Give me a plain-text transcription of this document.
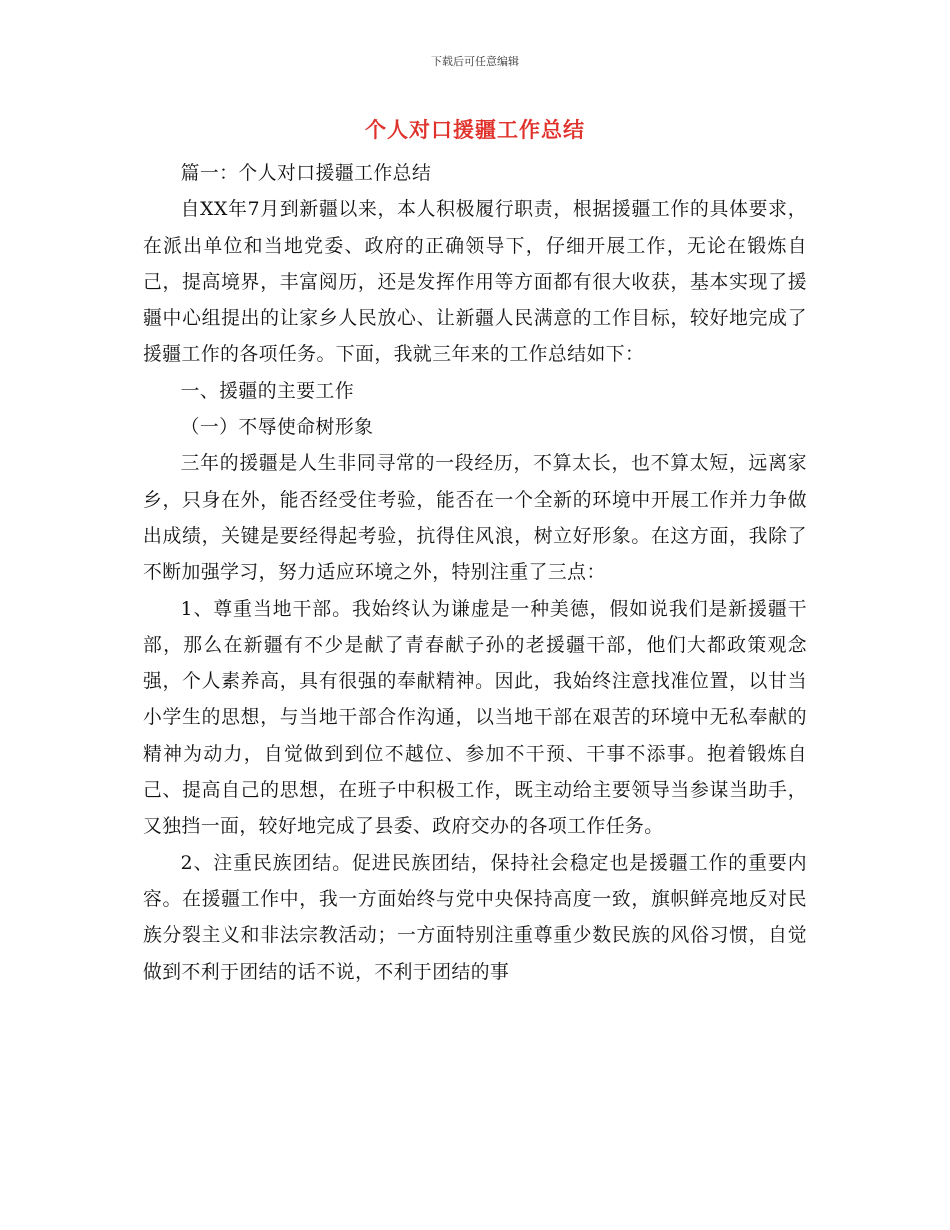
下载后可任意编辑
个人对口援疆工作总结

篇一：个人对口援疆工作总结

自XX年7月到新疆以来，本人积极履行职责，根据援疆工作的具体要求，在派出单位和当地党委、政府的正确领导下，仔细开展工作，无论在锻炼自己，提高境界，丰富阅历，还是发挥作用等方面都有很大收获，基本实现了援疆中心组提出的让家乡人民放心、让新疆人民满意的工作目标，较好地完成了援疆工作的各项任务。下面，我就三年来的工作总结如下：

一、援疆的主要工作

（一）不辱使命树形象

三年的援疆是人生非同寻常的一段经历，不算太长，也不算太短，远离家乡，只身在外，能否经受住考验，能否在一个全新的环境中开展工作并力争做出成绩，关键是要经得起考验，抗得住风浪，树立好形象。在这方面，我除了不断加强学习，努力适应环境之外，特别注重了三点：

1、尊重当地干部。我始终认为谦虚是一种美德，假如说我们是新援疆干部，那么在新疆有不少是献了青春献子孙的老援疆干部，他们大都政策观念强，个人素养高，具有很强的奉献精神。因此，我始终注意找准位置，以甘当小学生的思想，与当地干部合作沟通，以当地干部在艰苦的环境中无私奉献的精神为动力，自觉做到到位不越位、参加不干预、干事不添事。抱着锻炼自己、提高自己的思想，在班子中积极工作，既主动给主要领导当参谋当助手，又独挡一面，较好地完成了县委、政府交办的各项工作任务。

2、注重民族团结。促进民族团结，保持社会稳定也是援疆工作的重要内容。在援疆工作中，我一方面始终与党中央保持高度一致，旗帜鲜亮地反对民族分裂主义和非法宗教活动；一方面特别注重尊重少数民族的风俗习惯，自觉做到不利于团结的话不说，不利于团结的事
